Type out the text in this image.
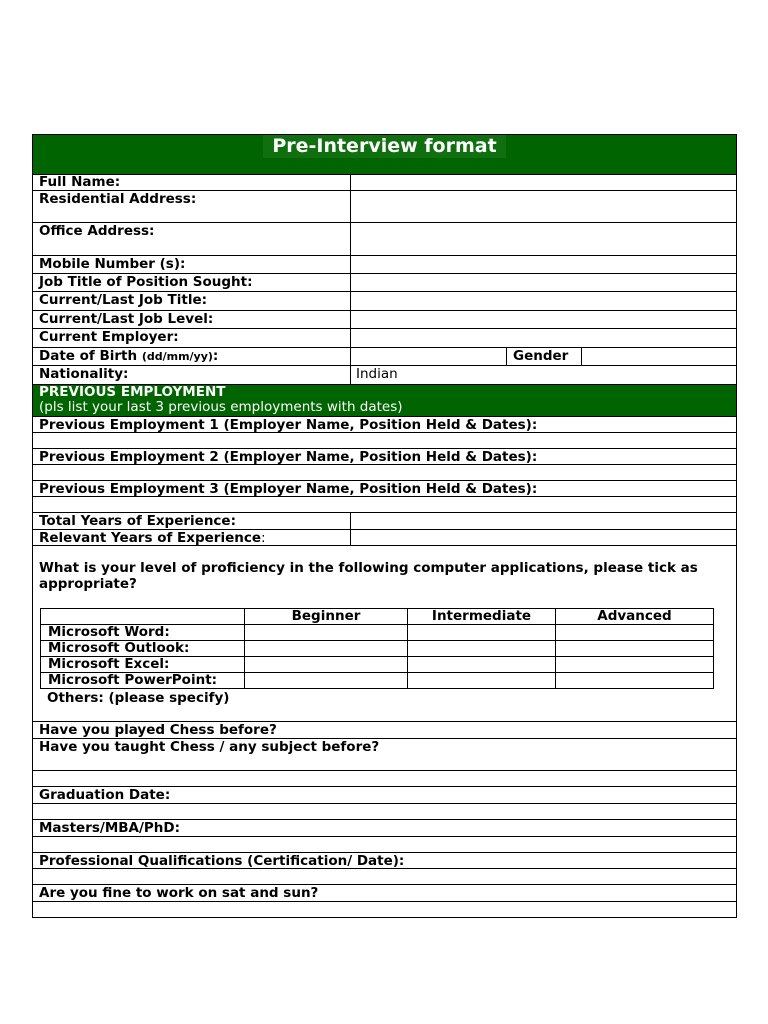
Pre-Interview format
Full Name:
Residential Address:
Office Address:
Mobile Number (s):
Job Title of Position Sought:
Current/Last Job Title:
Current/Last Job Level:
Current Employer:
Date of Birth (dd/mm/yy):	Gender
Nationality:	Indian
PREVIOUS EMPLOYMENT
(pls list your last 3 previous employments with dates)
Previous Employment 1 (Employer Name, Position Held & Dates):
Previous Employment 2 (Employer Name, Position Held & Dates):
Previous Employment 3 (Employer Name, Position Held & Dates):
Total Years of Experience:
Relevant Years of Experience:
What is your level of proficiency in the following computer applications, please tick as appropriate?
	Beginner	Intermediate	Advanced
Microsoft Word:			
Microsoft Outlook:			
Microsoft Excel:			
Microsoft PowerPoint:			
Others: (please specify)
Have you played Chess before?
Have you taught Chess / any subject before?
Graduation Date:
Masters/MBA/PhD:
Professional Qualifications (Certification/ Date):
Are you fine to work on sat and sun?
